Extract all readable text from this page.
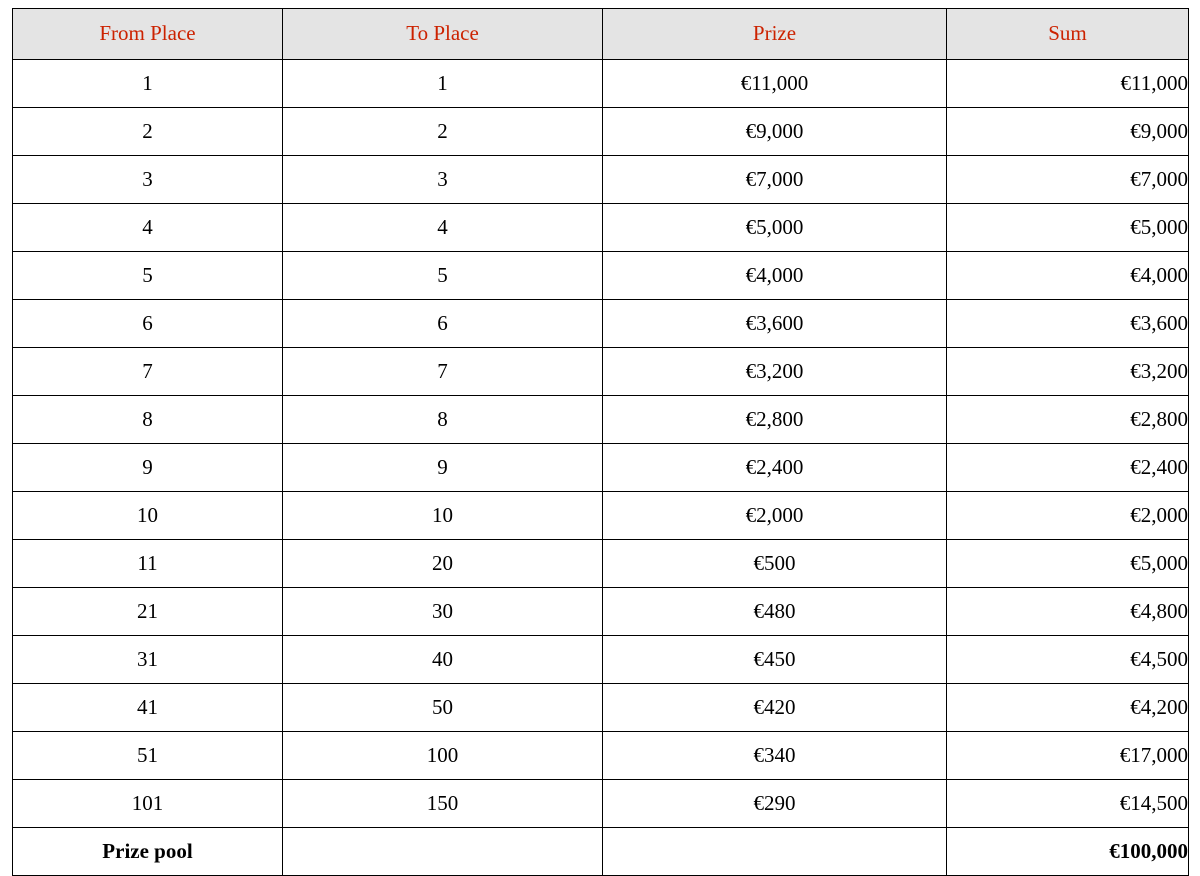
From Place	To Place	Prize	Sum
1	1	€11,000	€11,000
2	2	€9,000	€9,000
3	3	€7,000	€7,000
4	4	€5,000	€5,000
5	5	€4,000	€4,000
6	6	€3,600	€3,600
7	7	€3,200	€3,200
8	8	€2,800	€2,800
9	9	€2,400	€2,400
10	10	€2,000	€2,000
11	20	€500	€5,000
21	30	€480	€4,800
31	40	€450	€4,500
41	50	€420	€4,200
51	100	€340	€17,000
101	150	€290	€14,500
Prize pool			€100,000
